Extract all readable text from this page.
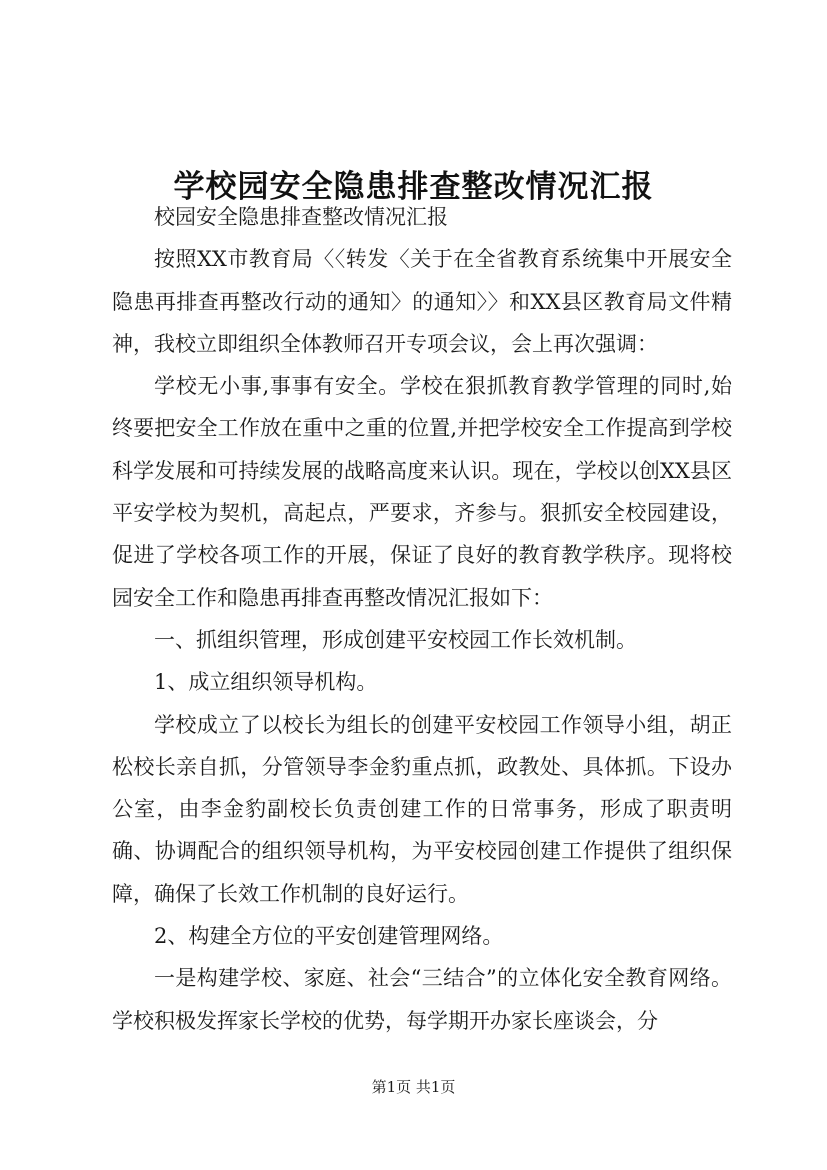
学校园安全隐患排查整改情况汇报

校园安全隐患排查整改情况汇报

按照XX市教育局〈〈转发〈关于在全省教育系统集中开展安全隐患再排查再整改行动的通知〉的通知〉〉和XX县区教育局文件精神，我校立即组织全体教师召开专项会议，会上再次强调：

学校无小事,事事有安全。学校在狠抓教育教学管理的同时,始终要把安全工作放在重中之重的位置,并把学校安全工作提高到学校科学发展和可持续发展的战略高度来认识。现在，学校以创XX县区平安学校为契机，高起点，严要求，齐参与。狠抓安全校园建设，促进了学校各项工作的开展，保证了良好的教育教学秩序。现将校园安全工作和隐患再排查再整改情况汇报如下：

一、抓组织管理，形成创建平安校园工作长效机制。

1、成立组织领导机构。

学校成立了以校长为组长的创建平安校园工作领导小组，胡正松校长亲自抓，分管领导李金豹重点抓，政教处、具体抓。下设办公室，由李金豹副校长负责创建工作的日常事务，形成了职责明确、协调配合的组织领导机构，为平安校园创建工作提供了组织保障，确保了长效工作机制的良好运行。

2、构建全方位的平安创建管理网络。

一是构建学校、家庭、社会“三结合”的立体化安全教育网络。学校积极发挥家长学校的优势，每学期开办家长座谈会，分

第1页 共1页
